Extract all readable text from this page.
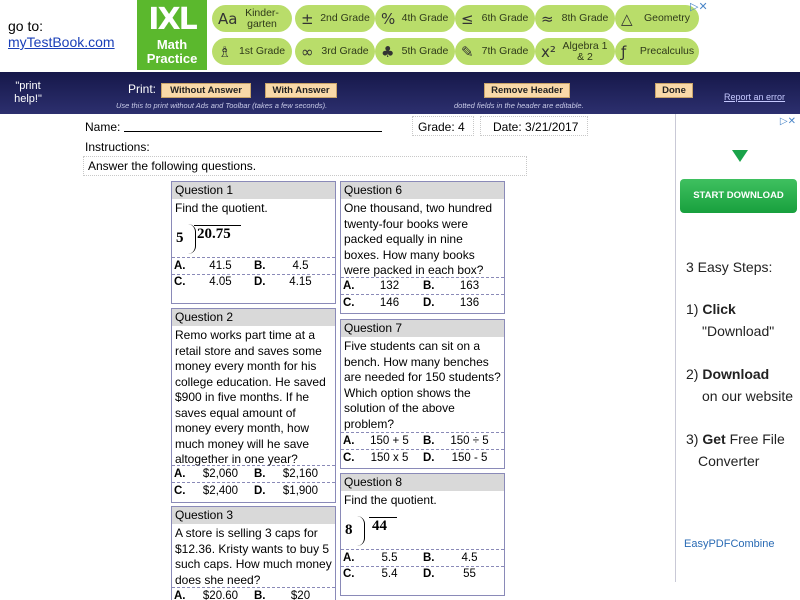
go to:
myTestBook.com
IXL
Math Practice
Aa Kinder-garten	± 2nd Grade % 4th Grade ≤ 6th Grade ≈ 8th Grade △	Geometry
♗ 1st Grade	∞ 3rd Grade ♣ 5th Grade ✎ 7th Grade x² Algebra 1 & 2	ƒ	Precalculus
▷✕
"print help!"
Print:	Without Answer	With Answer
Use this to print without Ads and Toolbar (takes a few seconds).
Remove Header
dotted fields in the header are editable.
Done
Report an error
Name:	Grade: 4 Date: 3/21/2017
Instructions:
Answer the following questions.
Question 1
Find the quotient.
5 20.75
A.	41.5	B.	4.5
C.	4.05	D.	4.15
Question 2
Remo works part time at a retail store and saves some money every month for his college education. He saved $900 in five months. If he saves equal amount of money every month, how much money will he save altogether in one year?
A.	$2,060	B.	$2,160
C.	$2,400	D.	$1,900
Question 3
A store is selling 3 caps for $12.36. Kristy wants to buy 5 such caps. How much money does she need?
A.	$20.60	B.	$20
Question 6
One thousand, two hundred twenty-four books were packed equally in nine boxes. How many books were packed in each box?
A.	132	B.	163
C.	146	D.	136
Question 7
Five students can sit on a bench. How many benches are needed for 150 students? Which option shows the solution of the above problem?
A.	150 + 5	B.	150 ÷ 5
C.	150 x 5	D.	150 - 5
Question 8
Find the quotient.
8 44
A.	5.5	B.	4.5
C.	5.4	D.	55
▷✕
START DOWNLOAD
3 Easy Steps:
1) Click
"Download"
2) Download
on our website
3) Get Free File
Converter
EasyPDFCombine
